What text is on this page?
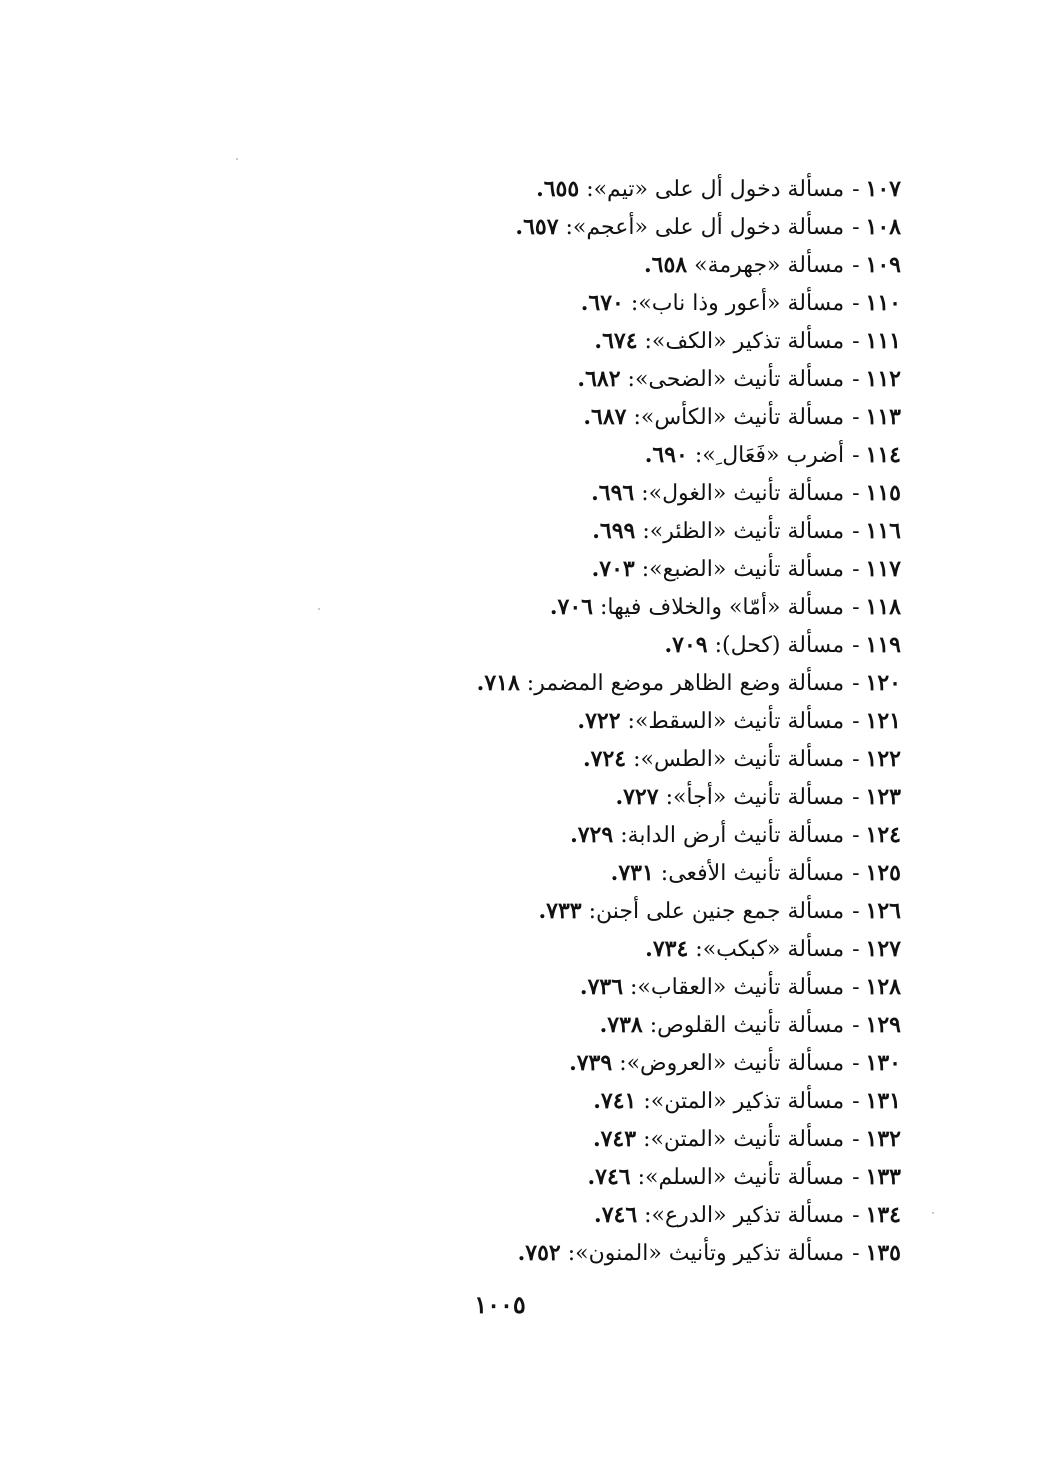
١٠٧‐مسألة دخول أل على «تيم»: ٦٥٥.
١٠٨‐مسألة دخول أل على «أعجم»: ٦٥٧.
١٠٩‐مسألة «جهرمة» ٦٥٨.
١١٠‐مسألة «أعور وذا ناب»: ٦٧٠.
١١١‐مسألة تذكير «الكف»: ٦٧٤.
١١٢‐مسألة تأنيث «الضحى»: ٦٨٢.
١١٣‐مسألة تأنيث «الكأس»: ٦٨٧.
١١٤‐أضرب «فَعَال ِ»: ٦٩٠.
١١٥‐مسألة تأنيث «الغول»: ٦٩٦.
١١٦‐مسألة تأنيث «الظئر»: ٦٩٩.
١١٧‐مسألة تأنيث «الضبع»: ٧٠٣.
١١٨‐مسألة «أمّا» والخلاف فيها: ٧٠٦.
١١٩‐مسألة (كحل): ٧٠٩.
١٢٠‐مسألة وضع الظاهر موضع المضمر: ٧١٨.
١٢١‐مسألة تأنيث «السقط»: ٧٢٢.
١٢٢‐مسألة تأنيث «الطس»: ٧٢٤.
١٢٣‐مسألة تأنيث «أجأ»: ٧٢٧.
١٢٤‐مسألة تأنيث أرض الدابة: ٧٢٩.
١٢٥‐مسألة تأنيث الأفعى: ٧٣١.
١٢٦‐مسألة جمع جنين على أجنن: ٧٣٣.
١٢٧‐مسألة «كبكب»: ٧٣٤.
١٢٨‐مسألة تأنيث «العقاب»: ٧٣٦.
١٢٩‐مسألة تأنيث القلوص: ٧٣٨.
١٣٠‐مسألة تأنيث «العروض»: ٧٣٩.
١٣١‐مسألة تذكير «المتن»: ٧٤١.
١٣٢‐مسألة تأنيث «المتن»: ٧٤٣.
١٣٣‐مسألة تأنيث «السلم»: ٧٤٦.
١٣٤‐مسألة تذكير «الدرع»: ٧٤٦.
١٣٥‐مسألة تذكير وتأنيث «المنون»: ٧٥٢.
١٠٠٥
